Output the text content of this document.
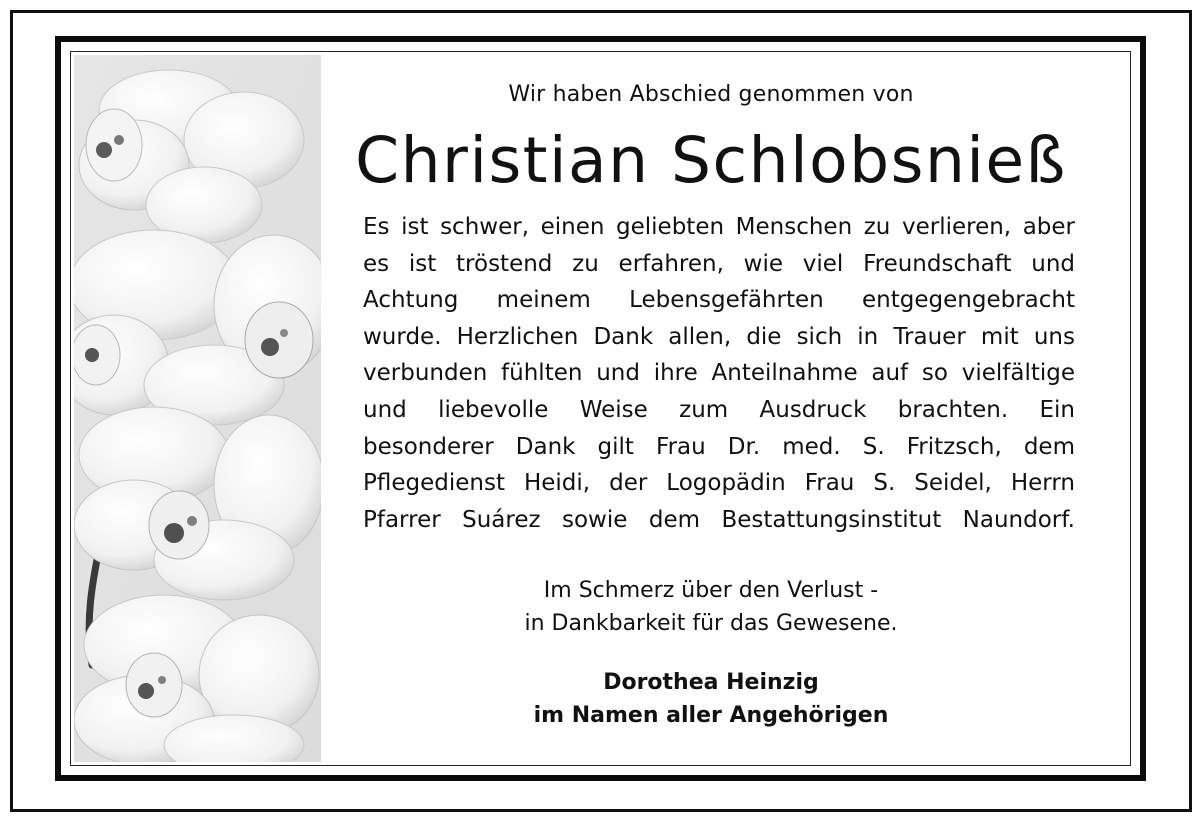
Wir haben Abschied genommen von
Christian Schlobsnieß
Es ist schwer, einen geliebten Menschen zu verlieren, aber
es ist tröstend zu erfahren, wie viel Freundschaft und
Achtung meinem Lebensgefährten entgegengebracht
wurde. Herzlichen Dank allen, die sich in Trauer mit uns
verbunden fühlten und ihre Anteilnahme auf so vielfältige
und liebevolle Weise zum Ausdruck brachten. Ein
besonderer Dank gilt Frau Dr. med. S. Fritzsch, dem
Pflegedienst Heidi, der Logopädin Frau S. Seidel, Herrn
Pfarrer Suárez sowie dem Bestattungsinstitut Naundorf.
Im Schmerz über den Verlust -
in Dankbarkeit für das Gewesene.
Dorothea Heinzig
im Namen aller Angehörigen
